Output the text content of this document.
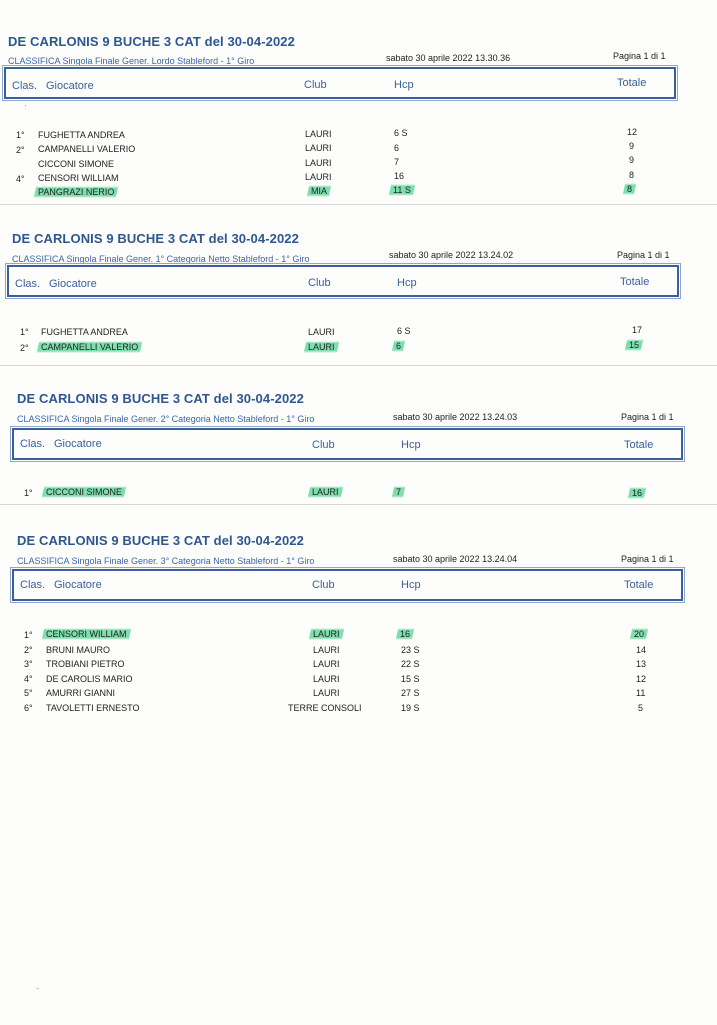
DE CARLONIS 9 BUCHE 3 CAT del 30-04-2022
CLASSIFICA Singola Finale Gener. Lordo Stableford - 1° Giro	sabato 30 aprile 2022 13.30.36	Pagina 1 di 1
Clas. Giocatore	Club	Hcp	Totale
·
1° FUGHETTA ANDREA	LAURI	6 S	12
2° CAMPANELLI VALERIO	LAURI	6	9
CICCONI SIMONE	LAURI	7	9
4° CENSORI WILLIAM	LAURI	16	8
PANGRAZI NERIO	MIA	11 S	8
DE CARLONIS 9 BUCHE 3 CAT del 30-04-2022
CLASSIFICA Singola Finale Gener. 1° Categoria Netto Stableford - 1° Giro	sabato 30 aprile 2022 13.24.02	Pagina 1 di 1
Clas. Giocatore	Club	Hcp	Totale
1° FUGHETTA ANDREA	LAURI	6 S	17
2° CAMPANELLI VALERIO	LAURI	6	15
DE CARLONIS 9 BUCHE 3 CAT del 30-04-2022
CLASSIFICA Singola Finale Gener. 2° Categoria Netto Stableford - 1° Giro	sabato 30 aprile 2022 13.24.03	Pagina 1 di 1
Clas. Giocatore	Club	Hcp	Totale
1° CICCONI SIMONE	LAURI	7	16
DE CARLONIS 9 BUCHE 3 CAT del 30-04-2022
CLASSIFICA Singola Finale Gener. 3° Categoria Netto Stableford - 1° Giro	sabato 30 aprile 2022 13.24.04	Pagina 1 di 1
Clas. Giocatore	Club	Hcp	Totale
1° CENSORI WILLIAM	LAURI	16	20
2° BRUNI MAURO	LAURI	23 S	14
3° TROBIANI PIETRO	LAURI	22 S	13
4° DE CAROLIS MARIO	LAURI	15 S	12
5° AMURRI GIANNI	LAURI	27 S	11
6° TAVOLETTI ERNESTO	TERRE CONSOLI	19 S	5
-
